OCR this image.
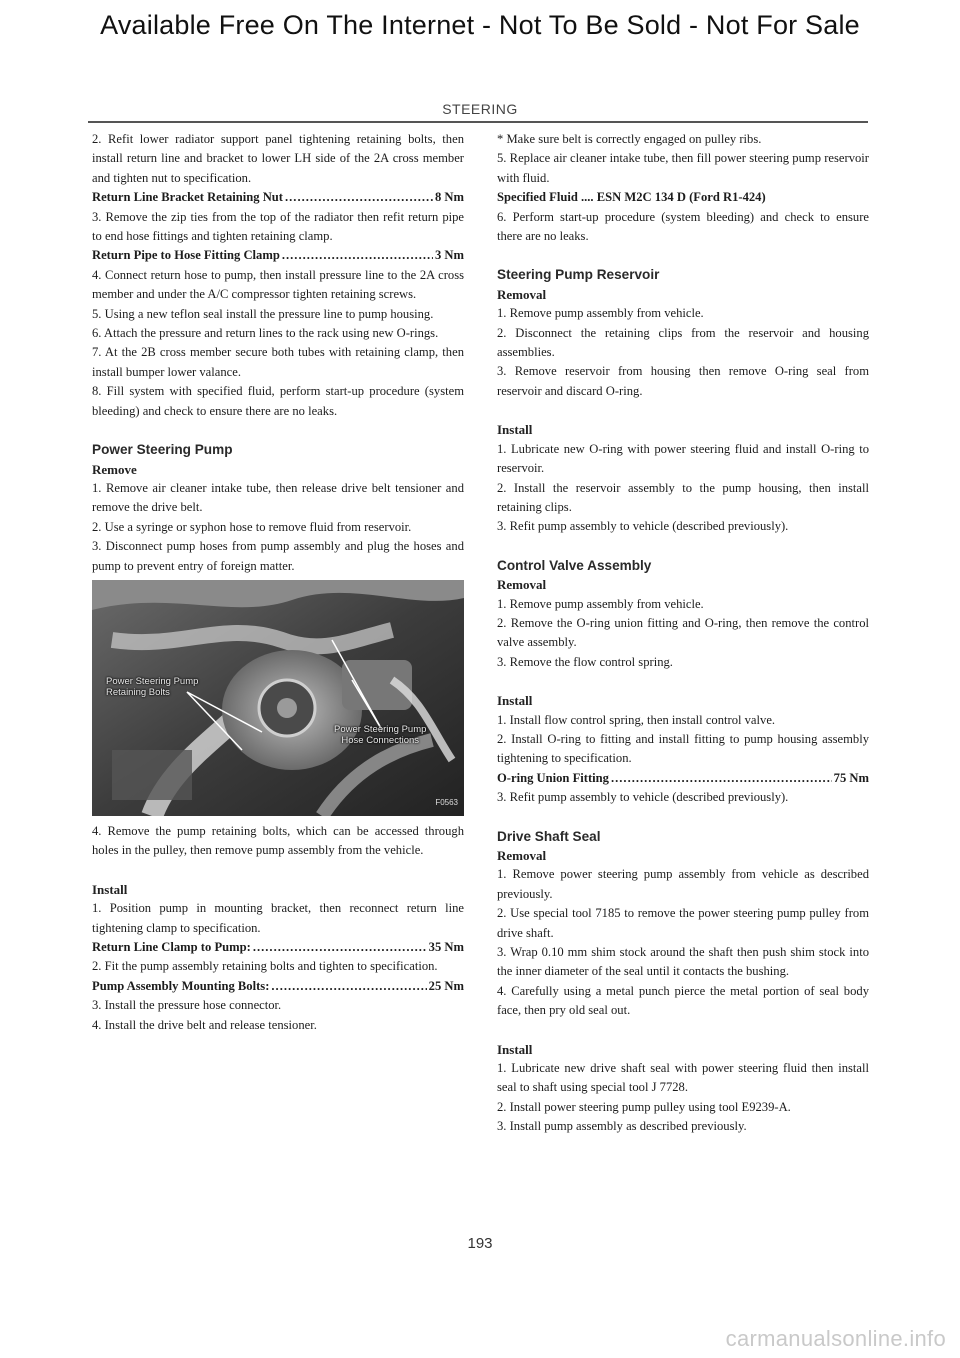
Available Free On The Internet - Not To Be Sold - Not For Sale
STEERING

2. Refit lower radiator support panel tightening retaining bolts, then install return line and bracket to lower LH side of the 2A cross member and tighten nut to specification.

Return Line Bracket Retaining Nut .....	8 Nm

3. Remove the zip ties from the top of the radiator then refit return pipe to end hose fittings and tighten retaining clamp.

Return Pipe to Hose Fitting Clamp .....	3 Nm

4. Connect return hose to pump, then install pressure line to the 2A cross member and under the A/C compressor tighten retaining screws.

5. Using a new teflon seal install the pressure line to pump housing.

6. Attach the pressure and return lines to the rack using new O-rings.

7. At the 2B cross member secure both tubes with retaining clamp, then install bumper lower valance.

8. Fill system with specified fluid, perform start-up procedure (system bleeding) and check to ensure there are no leaks.

Power Steering Pump
Remove

1. Remove air cleaner intake tube, then release drive belt tensioner and remove the drive belt.

2. Use a syringe or syphon hose to remove fluid from reservoir.

3. Disconnect pump hoses from pump assembly and plug the hoses and pump to prevent entry of foreign matter.

Power Steering Pump
Retaining Bolts
Power Steering Pump
Hose Connections
F0563

4. Remove the pump retaining bolts, which can be accessed through holes in the pulley, then remove pump assembly from the vehicle.

Install

1. Position pump in mounting bracket, then reconnect return line tightening clamp to specification.

Return Line Clamp to Pump: .....	35 Nm

2. Fit the pump assembly retaining bolts and tighten to specification.

Pump Assembly Mounting Bolts: .....	25 Nm

3. Install the pressure hose connector.

4. Install the drive belt and release tensioner.

* Make sure belt is correctly engaged on pulley ribs.

5. Replace air cleaner intake tube, then fill power steering pump reservoir with fluid.

Specified Fluid .... ESN M2C 134 D (Ford R1-424)

6. Perform start-up procedure (system bleeding) and check to ensure there are no leaks.

Steering Pump Reservoir
Removal

1. Remove pump assembly from vehicle.

2. Disconnect the retaining clips from the reservoir and housing assemblies.

3. Remove reservoir from housing then remove O-ring seal from reservoir and discard O-ring.

Install

1. Lubricate new O-ring with power steering fluid and install O-ring to reservoir.

2. Install the reservoir assembly to the pump housing, then install retaining clips.

3. Refit pump assembly to vehicle (described previously).

Control Valve Assembly
Removal

1. Remove pump assembly from vehicle.

2. Remove the O-ring union fitting and O-ring, then remove the control valve assembly.

3. Remove the flow control spring.

Install

1. Install flow control spring, then install control valve.

2. Install O-ring to fitting and install fitting to pump housing assembly tightening to specification.

O-ring Union Fitting .....	75 Nm

3. Refit pump assembly to vehicle (described previously).

Drive Shaft Seal
Removal

1. Remove power steering pump assembly from vehicle as described previously.

2. Use special tool 7185 to remove the power steering pump pulley from drive shaft.

3. Wrap 0.10 mm shim stock around the shaft then push shim stock into the inner diameter of the seal until it contacts the bushing.

4. Carefully using a metal punch pierce the metal portion of seal body face, then pry old seal out.

Install

1. Lubricate new drive shaft seal with power steering fluid then install seal to shaft using special tool J 7728.

2. Install power steering pump pulley using tool E9239-A.

3. Install pump assembly as described previously.

193
carmanualsonline.info
